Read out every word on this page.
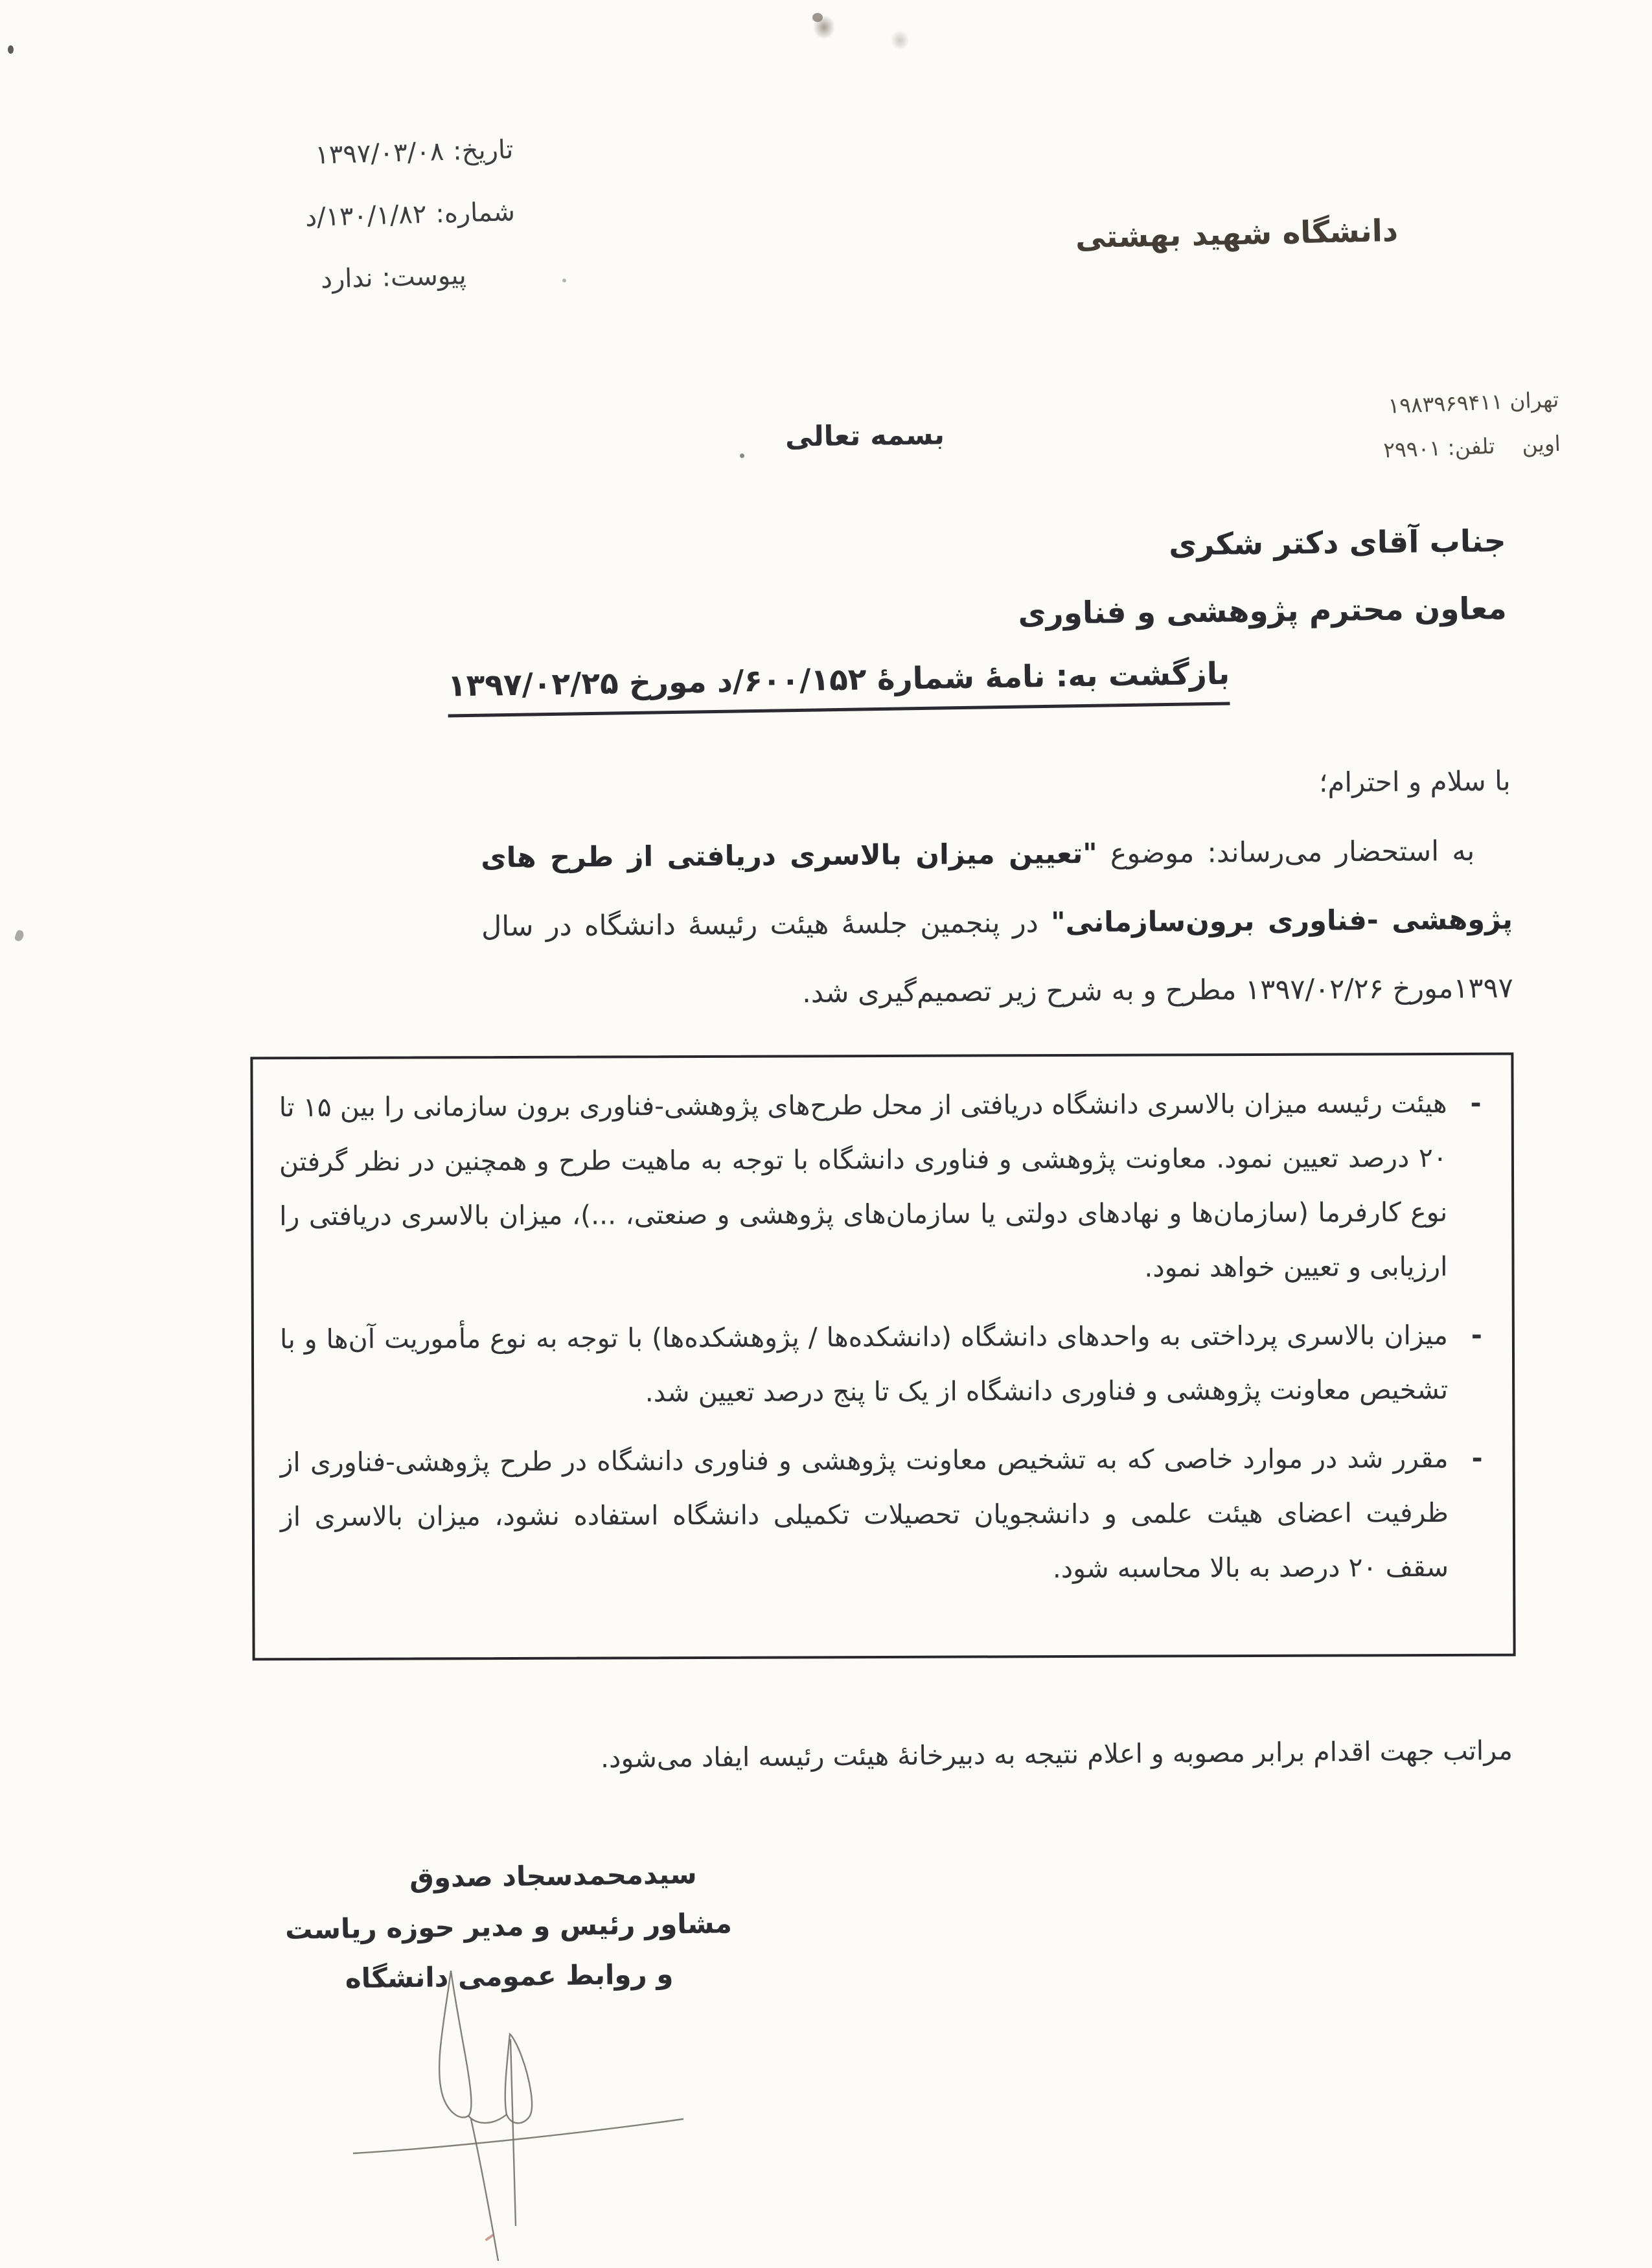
تاریخ:۱۳۹۷/۰۳/۰۸
شماره:۱۳۰/۱/۸۲/د
پیوست:ندارد
دانشگاه شهید بهشتی
تهران ۱۹۸۳۹۶۹۴۱۱
اوین    تلفن: ۲۹۹۰۱
بسمه تعالی
جناب آقای دکتر شکری
معاون محترم پژوهشی و فناوری
بازگشت به: نامهٔ شمارهٔ ۶۰۰/۱۵۲/د مورخ ۱۳۹۷/۰۲/۲۵
با سلام و احترام؛

به استحضار می‌رساند: موضوع "تعیین میزان بالاسری دریافتی از طرح های پژوهشی -فناوری برون‌سازمانی" در پنجمین جلسهٔ هیئت رئیسهٔ دانشگاه در سال ۱۳۹۷مورخ ۱۳۹۷/۰۲/۲۶ مطرح و به شرح زیر تصمیم‌گیری شد.

-

هیئت رئیسه میزان بالاسری دانشگاه دریافتی از محل طرح‌های پژوهشی-فناوری برون سازمانی را بین ۱۵ تا ۲۰ درصد تعیین نمود. معاونت پژوهشی و فناوری دانشگاه با توجه به ماهیت طرح و همچنین در نظر گرفتن نوع کارفرما (سازمان‌ها و نهادهای دولتی یا سازمان‌های پژوهشی و صنعتی، ...)، میزان بالاسری دریافتی را ارزیابی و تعیین خواهد نمود.

-

میزان بالاسری پرداختی به واحدهای دانشگاه (دانشکده‌ها / پژوهشکده‌ها) با توجه به نوع مأموریت آن‌ها و با تشخیص معاونت پژوهشی و فناوری دانشگاه از یک تا پنج درصد تعیین شد.

-

مقرر شد در موارد خاصی که به تشخیص معاونت پژوهشی و فناوری دانشگاه در طرح پژوهشی-فناوری از ظرفیت اعضای هیئت علمی و دانشجویان تحصیلات تکمیلی دانشگاه استفاده نشود، میزان بالاسری از سقف ۲۰ درصد به بالا محاسبه شود.

مراتب جهت اقدام برابر مصوبه و اعلام نتیجه به دبیرخانهٔ هیئت رئیسه ایفاد می‌شود.
سیدمحمدسجاد صدوق
مشاور رئیس و مدیر حوزه ریاست
و روابط عمومی دانشگاه
